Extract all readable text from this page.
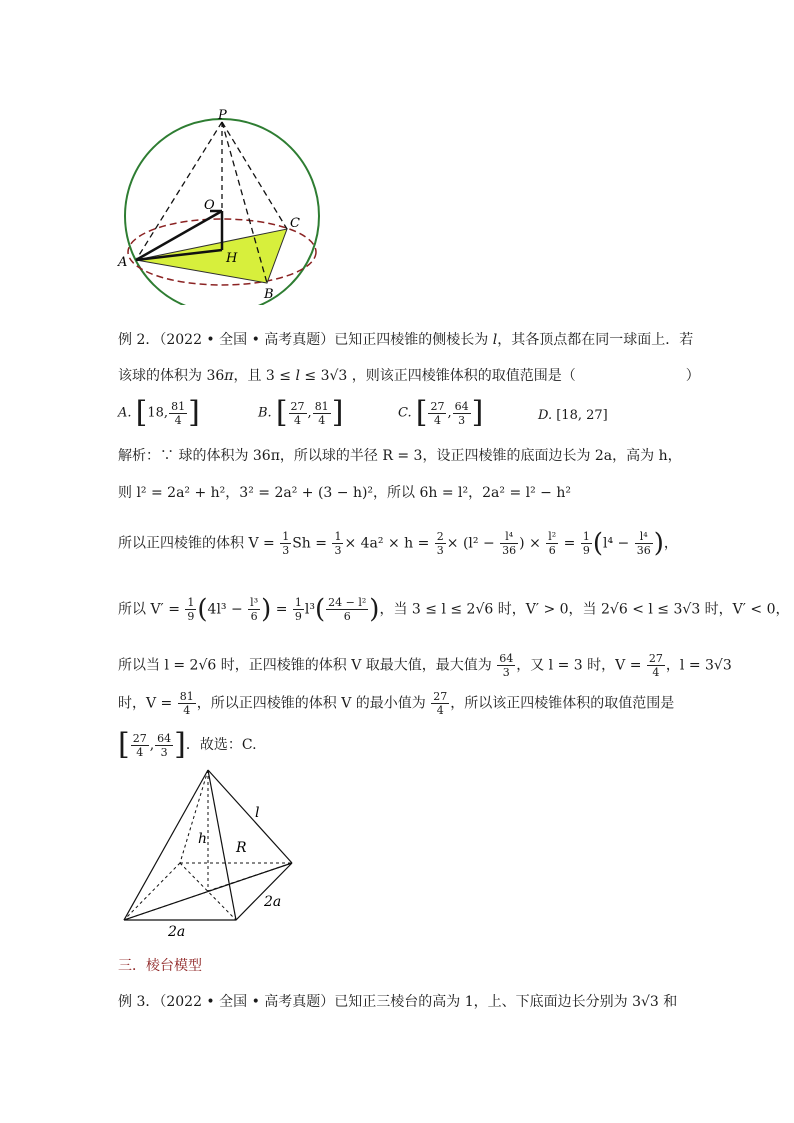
P
O
C
A	H
B
例 2．（2022 • 全国 • 高考真题）已知正四棱锥的侧棱长为 l，其各顶点都在同一球面上．若
该球的体积为 36π，且 3 ≤ l ≤ 3√3 ，则该正四棱锥体积的取值范围是（	）
A. [18, $\frac{81}{4}$ ]	B. [ $\frac{27}{4}$ , $\frac{81}{4}$ ]	C. [ $\frac{27}{4}$ , $\frac{64}{3}$ ]	D. [18, 27]
解析：∵ 球的体积为 36π，所以球的半径 R = 3，设正四棱锥的底面边长为 2a，高为 h，
则 l² = 2a² + h²，3² = 2a² + (3 − h)²，所以 6h = l²，2a² = l² − h²
所以正四棱锥的体积 $V = \frac{1}{3}$ $Sh = \frac{1}{3} \times 4a^2 \times h = \frac{2}{3} \times (l^2 - \frac{\text{l⁴}}{36}$ ) × $\frac{\text{l²}}{6} = \frac{1}{9} (l^4 - \frac{\text{l⁴}}{36}$ )，
所以 $V' = \frac{1}{9} (4l^3 - \frac{\text{l³}}{6}$ ) = $\frac{1}{9} l^3( \frac{\text{24 − l²}}{6}$ )，当 3 ≤ l ≤ 2√6 时，V′ > 0，当 2√6 < l ≤ 3√3 时，V′ < 0，
所以当 l = 2√6 时，正四棱锥的体积 V 取最大值，最大值为 $\frac{64}{3}$ ，又 l = 3 时，$V = \frac{27}{4}$ ，l = 3√3
时，$V = \frac{81}{4}$ ，所以正四棱锥的体积 V 的最小值为 $\frac{27}{4}$ ，所以该正四棱锥体积的取值范围是
[ $\frac{27}{4}$ , $\frac{64}{3}$ ]．故选：C.
l
h
R
2a
2a
三．棱台模型
例 3．（2022 • 全国 • 高考真题）已知正三棱台的高为 1，上、下底面边长分别为 3√3 和
